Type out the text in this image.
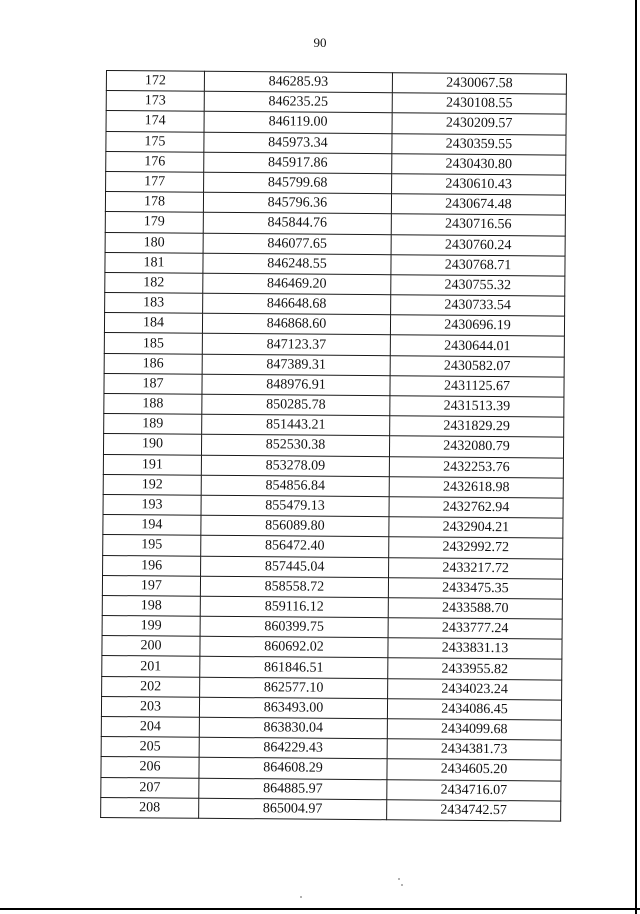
90
172	846285.93	2430067.58
173	846235.25	2430108.55
174	846119.00	2430209.57
175	845973.34	2430359.55
176	845917.86	2430430.80
177	845799.68	2430610.43
178	845796.36	2430674.48
179	845844.76	2430716.56
180	846077.65	2430760.24
181	846248.55	2430768.71
182	846469.20	2430755.32
183	846648.68	2430733.54
184	846868.60	2430696.19
185	847123.37	2430644.01
186	847389.31	2430582.07
187	848976.91	2431125.67
188	850285.78	2431513.39
189	851443.21	2431829.29
190	852530.38	2432080.79
191	853278.09	2432253.76
192	854856.84	2432618.98
193	855479.13	2432762.94
194	856089.80	2432904.21
195	856472.40	2432992.72
196	857445.04	2433217.72
197	858558.72	2433475.35
198	859116.12	2433588.70
199	860399.75	2433777.24
200	860692.02	2433831.13
201	861846.51	2433955.82
202	862577.10	2434023.24
203	863493.00	2434086.45
204	863830.04	2434099.68
205	864229.43	2434381.73
206	864608.29	2434605.20
207	864885.97	2434716.07
208	865004.97	2434742.57
